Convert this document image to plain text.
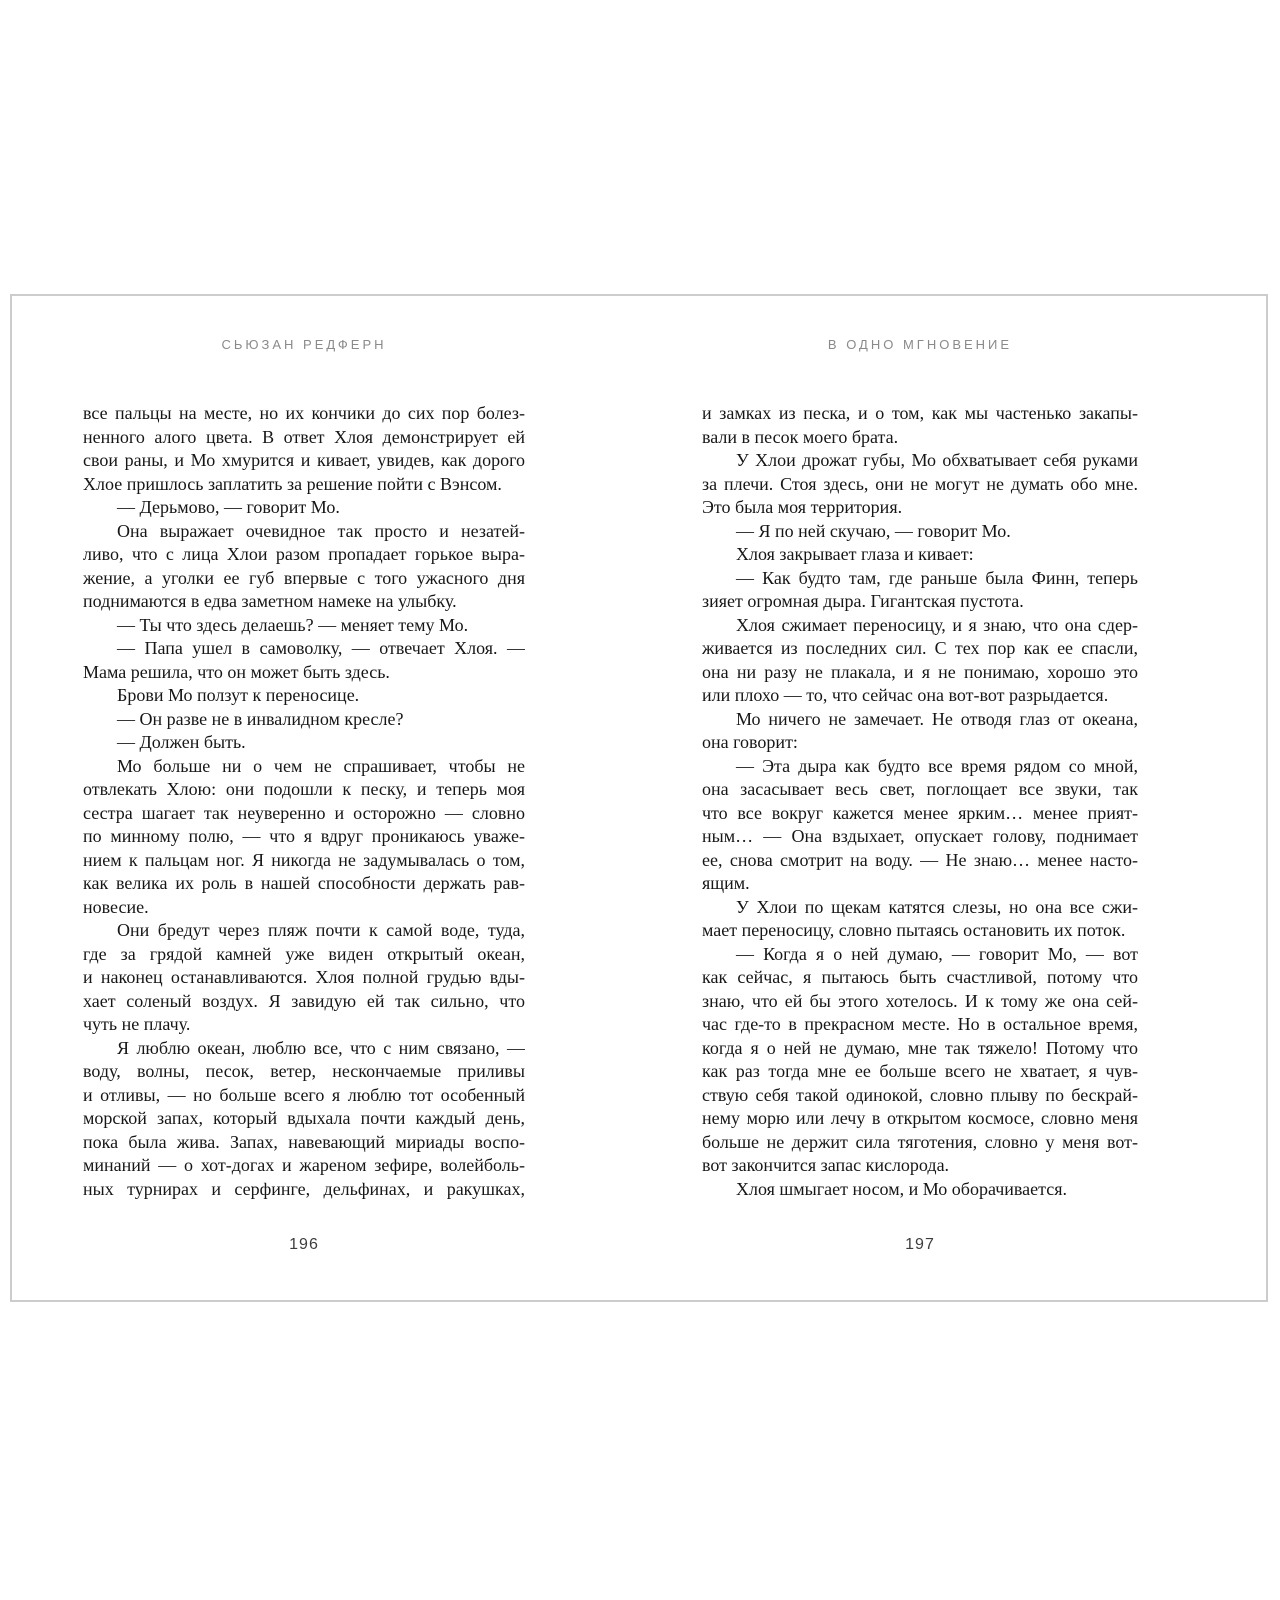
СЬЮЗАН РЕДФЕРН	В ОДНО МГНОВЕНИЕ
все пальцы на месте, но их кончики до сих пор болез-
ненного алого цвета. В ответ Хлоя демонстрирует ей
свои раны, и Мо хмурится и кивает, увидев, как дорого
Хлое пришлось заплатить за решение пойти с Вэнсом.
— Дерьмово, — говорит Мо.
Она выражает очевидное так просто и незатей-
ливо, что с лица Хлои разом пропадает горькое выра-
жение, а уголки ее губ впервые с того ужасного дня
поднимаются в едва заметном намеке на улыбку.
— Ты что здесь делаешь? — меняет тему Мо.
— Папа ушел в самоволку, — отвечает Хлоя. —
Мама решила, что он может быть здесь.
Брови Мо ползут к переносице.
— Он разве не в инвалидном кресле?
— Должен быть.
Мо больше ни о чем не спрашивает, чтобы не
отвлекать Хлою: они подошли к песку, и теперь моя
сестра шагает так неуверенно и осторожно — словно
по минному полю, — что я вдруг проникаюсь уваже-
нием к пальцам ног. Я никогда не задумывалась о том,
как велика их роль в нашей способности держать рав-
новесие.
Они бредут через пляж почти к самой воде, туда,
где за грядой камней уже виден открытый океан,
и наконец останавливаются. Хлоя полной грудью вды-
хает соленый воздух. Я завидую ей так сильно, что
чуть не плачу.
Я люблю океан, люблю все, что с ним связано, —
воду, волны, песок, ветер, нескончаемые приливы
и отливы, — но больше всего я люблю тот особенный
морской запах, который вдыхала почти каждый день,
пока была жива. Запах, навевающий мириады воспо-
минаний — о хот-догах и жареном зефире, волейболь-
ных турнирах и серфинге, дельфинах, и ракушках,
и замках из песка, и о том, как мы частенько закапы-
вали в песок моего брата.
У Хлои дрожат губы, Мо обхватывает себя руками
за плечи. Стоя здесь, они не могут не думать обо мне.
Это была моя территория.
— Я по ней скучаю, — говорит Мо.
Хлоя закрывает глаза и кивает:
— Как будто там, где раньше была Финн, теперь
зияет огромная дыра. Гигантская пустота.
Хлоя сжимает переносицу, и я знаю, что она сдер-
живается из последних сил. С тех пор как ее спасли,
она ни разу не плакала, и я не понимаю, хорошо это
или плохо — то, что сейчас она вот-вот разрыдается.
Мо ничего не замечает. Не отводя глаз от океана,
она говорит:
— Эта дыра как будто все время рядом со мной,
она засасывает весь свет, поглощает все звуки, так
что все вокруг кажется менее ярким… менее прият-
ным… — Она вздыхает, опускает голову, поднимает
ее, снова смотрит на воду. — Не знаю… менее насто-
ящим.
У Хлои по щекам катятся слезы, но она все сжи-
мает переносицу, словно пытаясь остановить их поток.
— Когда я о ней думаю, — говорит Мо, — вот
как сейчас, я пытаюсь быть счастливой, потому что
знаю, что ей бы этого хотелось. И к тому же она сей-
час где-то в прекрасном месте. Но в остальное время,
когда я о ней не думаю, мне так тяжело! Потому что
как раз тогда мне ее больше всего не хватает, я чув-
ствую себя такой одинокой, словно плыву по бескрай-
нему морю или лечу в открытом космосе, словно меня
больше не держит сила тяготения, словно у меня вот-
вот закончится запас кислорода.
Хлоя шмыгает носом, и Мо оборачивается.
196	197
